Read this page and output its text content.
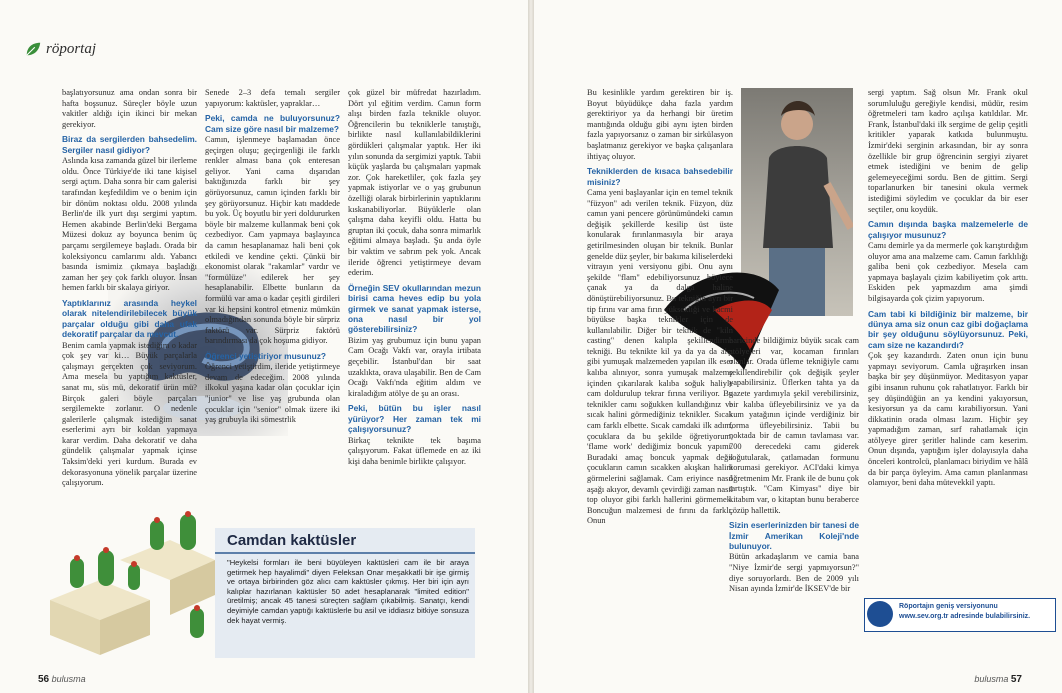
röportaj

başlatıyorsunuz ama ondan sonra bir hafta boşsunuz. Süreçler böyle uzun vakitler aldığı için ikinci bir mekan gerekiyor.

Biraz da sergilerden bahsedelim. Sergiler nasıl gidiyor?

Aslında kısa zamanda güzel bir ilerleme oldu. Önce Türkiye'de iki tane kişisel sergi açtım. Daha sonra bir cam galerisi tarafından keşfedildim ve o benim için bir dönüm noktası oldu. 2008 yılında Berlin'de ilk yurt dışı sergimi yaptım. Hemen akabinde Berlin'deki Bergama Müzesi dokuz ay boyunca benim üç parçamı sergilemeye başladı. Orada bir koleksiyoncu camlarımı aldı. Yabancı basında ismimiz çıkmaya başladığı zaman her şey çok farklı oluyor. İnsan hemen farklı bir skalaya giriyor.

Yaptıklarınız arasında heykel olarak nitelendirilebilecek büyük parçalar olduğu gibi daha ufak dekoratif parçalar da mevcut.

Benim camla yapmak istediğim o kadar çok şey var ki… Büyük parçalarla çalışmayı gerçekten çok seviyorum. Ama mesela bu yaptığım kaktüsler, sanat mı, süs mü, dekoratif ürün mü? Birçok galeri böyle parçaları sergilemekte zorlanır. O nedenle galerilerle çalışmak istediğim sanat eserlerimi ayrı bir koldan yapmaya karar verdim. Daha dekoratif ve daha gündelik çalışmalar yapmak içinse Taksim'deki yeri kurdum. Burada ev dekorasyonuna yönelik parçalar üzerine çalışıyorum.

Senede 2–3 defa temalı sergiler yapıyorum: kaktüsler, yapraklar…

Peki, camda ne buluyorsunuz? Cam size göre nasıl bir malzeme?

Camın, işlenmeye başlamadan önce geçirgen oluşu; geçirgenliği ile farklı renkler alması bana çok enteresan geliyor. Yani cama dışarıdan baktığınızda farklı bir şey görüyorsunuz, camın içinden farklı bir şey görüyorsunuz. Hiçbir katı maddede bu yok. Üç boyutlu bir yeri doldururken böyle bir malzeme kullanmak beni çok cezbediyor. Cam yapmaya başlayınca da camın hesaplanamaz hali beni çok etkiledi ve kendine çekti. Çünkü bir ekonomist olarak "rakamlar" vardır ve "formülüze" edilerek her şey hesaplanabilir. Elbette bunların da formülü var ama o kadar çeşitli girdileri var ki hepsini kontrol etmeniz mümkün olmadığından sonunda böyle bir sürpriz faktörü var. Sürpriz faktörü barındırması da çok hoşuma gidiyor.

Öğrenci yetiştiriyor musunuz?

Öğrenci yetiştirdim, ileride yetiştirmeye devam de edeceğim. 2008 yılında ilkokul yaşına kadar olan çocuklar için "junior" ve lise yaş grubunda olan çocuklar için "senior" olmak üzere iki yaş grubuyla iki sömestrlik

çok güzel bir müfredat hazırladım. Dört yıl eğitim verdim. Camın form alışı birden fazla teknikle oluyor. Öğrencilerin bu tekniklerle tanıştığı, birlikte nasıl kullanılabildiklerini gördükleri çalışmalar yaptık. Her iki yılın sonunda da sergimizi yaptık. Tabii küçük yaşlarda bu çalışmaları yapmak zor. Çok hareketliler, çok fazla şey yapmak istiyorlar ve o yaş grubunun özelliği olarak birbirlerinin yaptıklarını kıskanabiliyorlar. Büyüklerle olan çalışma daha keyifli oldu. Hatta bu gruptan iki çocuk, daha sonra mimarlık eğitimi almaya başladı. Şu anda öyle bir vaktim ve sabrım pek yok. Ancak ileride öğrenci yetiştirmeye devam ederim.

Örneğin SEV okullarından mezun birisi cama heves edip bu yola girmek ve sanat yapmak isterse, ona nasıl bir yol gösterebilirsiniz?

Bizim yaş grubumuz için bunu yapan Cam Ocağı Vakfı var, orayla irtibata geçebilir. İstanbul'dan bir saat uzaklıkta, orava ulaşabilir. Ben de Cam Ocağı Vakfı'nda eğitim aldım ve kiraladığım atölye de şu an orası.

Peki, bütün bu işler nasıl yürüyor? Her zaman tek mi çalışıyorsunuz?

Birkaç teknikte tek başıma çalışıyorum. Fakat üflemede en az iki kişi daha benimle birlikte çalışıyor.

Camdan kaktüsler
"Heykelsi formları ile beni büyüleyen kaktüsleri cam ile bir araya getirmek hep hayalimdi" diyen Feleksan Onar meşakkatli bir işe girmiş ve ortaya birbirinden göz alıcı cam kaktüsler çıkmış. Her biri için ayrı kalıplar hazırlanan kaktüsler 50 adet hesaplanarak "limited edition" üretilmiş; ancak 45 tanesi süreçten sağlam çıkabilmiş. Sanatçı, kendi deyimiyle camdan yaptığı kaktüslerle bu asil ve iddiasız bitkiye sonsuza dek hayat vermiş.
56 bulusma

Bu kesinlikle yardım gerektiren bir iş. Boyut büyüdükçe daha fazla yardım gerektiriyor ya da herhangi bir üretim mantığında olduğu gibi aynı işten birden fazla yapıyorsanız o zaman bir sirkülasyon başlatmanız gerekiyor ve başka çalışanlara ihtiyaç oluyor.

Tekniklerden de kısaca bahsedebilir misiniz?

Cama yeni başlayanlar için en temel teknik "füzyon" adı verilen teknik. Füzyon, düz camın yani pencere görünümündeki camın değişik şekillerde kesilip üst üste konularak fırınlanmasıyla bir araya getirilmesinden oluşan bir teknik. Bunlar genelde düz şeyler, bir bakıma kiliselerdeki vitrayın yeni versiyonu gibi. Onu aynı şekilde "flam" edebiliyorsunuz böylece çanak ya da dalga haline dönüştürebiliyorsunuz. Bu tekniğin ayrı bir tip fırını var ama fırın yüksekliği ve hacmi büyükse başka teknikler için de kullanılabilir. Diğer bir teknik de "kiln casting" denen kalıpla şekillendirme tekniği. Bu teknikte kil ya da ya da alçı gibi yumuşak malzemeden yapılan ilk eser kalıba alınıyor, sonra yumuşak malzeme içinden çıkarılarak kalıba soğuk haliyle cam doldurulup tekrar fırına veriliyor. Bu teknikler camı soğukken kullandığınız ve sıcak halini görmediğiniz teknikler. Sıcak cam farklı elbette. Sıcak camdaki ilk adım, çocuklara da bu şekilde öğretiyorum, 'flame work' dediğimiz boncuk yapımı. Buradaki amaç boncuk yapmak değil çocukların camın sıcakken akışkan halini görmelerini sağlamak. Cam eriyince nasıl aşağı akıyor, devamlı çevirdiği zaman nasıl top oluyor gibi farklı hallerini görmemek. Boncuğun malzemesi de fırını da farklı. Onun

haricinde bildiğimiz büyük sıcak cam atölyeleri var, kocaman fırınları olanlar. Orada üfleme tekniğiyle camı şekillendirebilir çok değişik şeyler yapabilirsiniz. Üflerken tahta ya da gazete yardımıyla şekil verebilirsiniz, bir kalıba üfleyebilirsiniz ve ya da kum yatağının içinde verdiğiniz bir forma üfleyebilirsiniz. Tabii bu noktada bir de camın tavlaması var. 700 derecedeki camı giderek soğutularak, çatlamadan formunu korumasi gerekiyor. ACI'daki kimya öğretmenim Mr. Frank ile de bunu çok tartıştık. "Cam Kimyası" diye bir kitabım var, o kitaptan bunu beraberce çözüp hallettik.

Sizin eserlerinizden bir tanesi de İzmir Amerikan Koleji'nde bulunuyor.

Bütün arkadaşlarım ve camia bana "Niye İzmir'de sergi yapmıyorsun?" diye soruyorlardı. Ben de 2009 yılı Nisan ayında İzmir'de İKSEV'de bir

sergi yaptım. Sağ olsun Mr. Frank okul sorumluluğu gereğiyle kendisi, müdür, resim öğretmeleri tam kadro açılışa katıldılar. Mr. Frank, İstanbul'daki ilk sergime de gelip çeşitli kritikler yaparak katkıda bulunmuştu. İzmir'deki serginin arkasından, bir ay sonra özellikle bir grup öğrencinin sergiyi ziyaret etmek istediğini ve benim de gelip gelemeyeceğimi sordu. Ben de gittim. Sergi toparlanurken bir tanesini okula vermek istediğimi söyledim ve çocuklar da bir eser seçtiler, onu koydük.

Camın dışında başka malzemelerle de çalışıyor musunuz?

Camı demirle ya da mermerle çok karıştırdığım oluyor ama ana malzeme cam. Camın farklılığı galiba beni çok cezbediyor. Mesela cam yapmaya başlayalı çizim kabiliyetim çok arttı. Eskiden pek yapmazdım ama şimdi bilgisayarda çok çizim yapıyorum.

Cam tabi ki bildiğiniz bir malzeme, bir dünya ama siz onun caz gibi doğaçlama bir şey olduğunu söylüyorsunuz. Peki, cam size ne kazandırdı?

Çok şey kazandırdı. Zaten onun için bunu yapmayı seviyorum. Camla uğraşırken insan başka bir şey düşünmüyor. Meditasyon yapar gibi insanın ruhunu çok rahatlatıyor. Farklı bir şey düşündüğün an ya kendini yakıyorsun, kesiyorsun ya da camı kırabiliyorsun. Yani dikkatinin orada olması lazım. Hiçbir şey yapmadığım zaman, sırf rahatlamak için atölyeye girer şeritler halinde cam keserim. Onun dışında, yaptığım işler dolayısıyla daha önceleri kontrolcü, planlamacı biriydim ve hâlâ da bir parça öyleyim. Ama camın planlanması olamıyor, beni daha mütevekkil yaptı.

Röportajın geniş versiyonunu
www.sev.org.tr adresinde bulabilirsiniz.
bulusma 57
